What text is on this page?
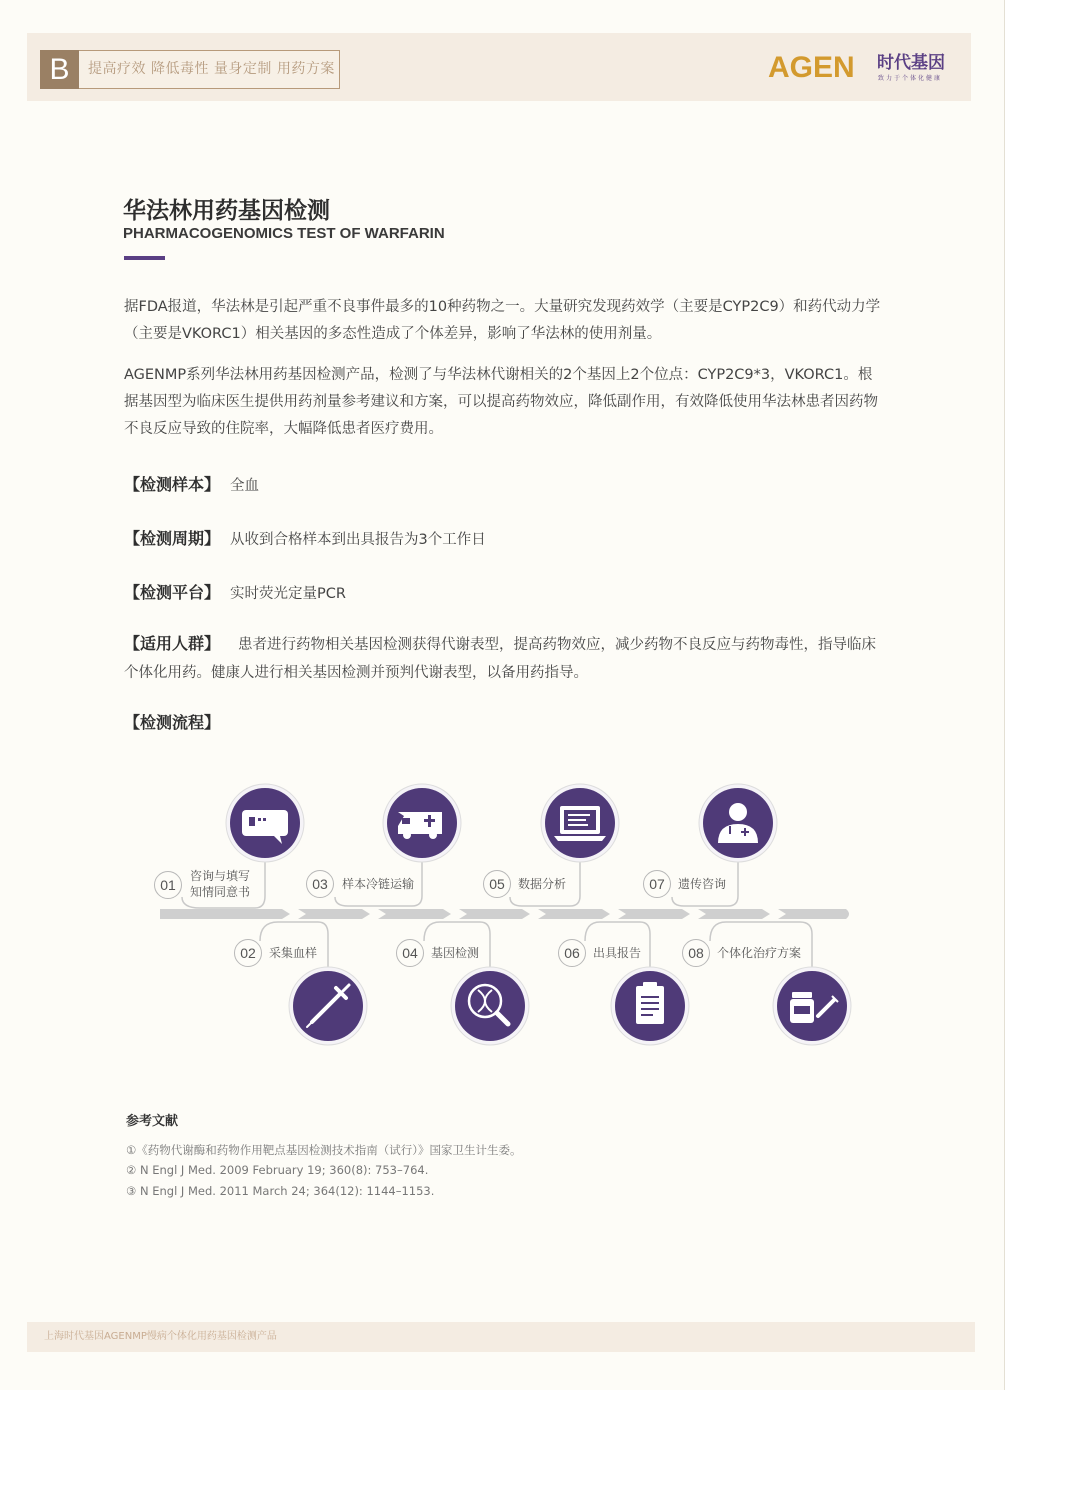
B	提高疗效 降低毒性 量身定制 用药方案	AGEN 时代基因
致力于个体化健康
华法林用药基因检测
PHARMACOGENOMICS TEST OF WARFARIN

据FDA报道，华法林是引起严重不良事件最多的10种药物之一。大量研究发现药效学（主要是CYP2C9）和药代动力学（主要是VKORC1）相关基因的多态性造成了个体差异，影响了华法林的使用剂量。

AGENMP系列华法林用药基因检测产品，检测了与华法林代谢相关的2个基因上2个位点：CYP2C9*3，VKORC1。根据基因型为临床医生提供用药剂量参考建议和方案，可以提高药物效应，降低副作用，有效降低使用华法林患者因药物不良反应导致的住院率，大幅降低患者医疗费用。

【检测样本】 全血
【检测周期】 从收到合格样本到出具报告为3个工作日
【检测平台】 实时荧光定量PCR
【适用人群】 患者进行药物相关基因检测获得代谢表型，提高药物效应，减少药物不良反应与药物毒性，指导临床个体化用药。健康人进行相关基因检测并预判代谢表型，以备用药指导。
【检测流程】
01
咨询与填写
知情同意书	03	样本冷链运输	05	数据分析	07	遗传咨询
02	采集血样	04	基因检测	06	出具报告	08	个体化治疗方案
参考文献
①《药物代谢酶和药物作用靶点基因检测技术指南（试行）》国家卫生计生委。
② N Engl J Med. 2009 February 19; 360(8): 753–764.
③ N Engl J Med. 2011 March 24; 364(12): 1144–1153.
上海时代基因AGENMP慢病个体化用药基因检测产品
